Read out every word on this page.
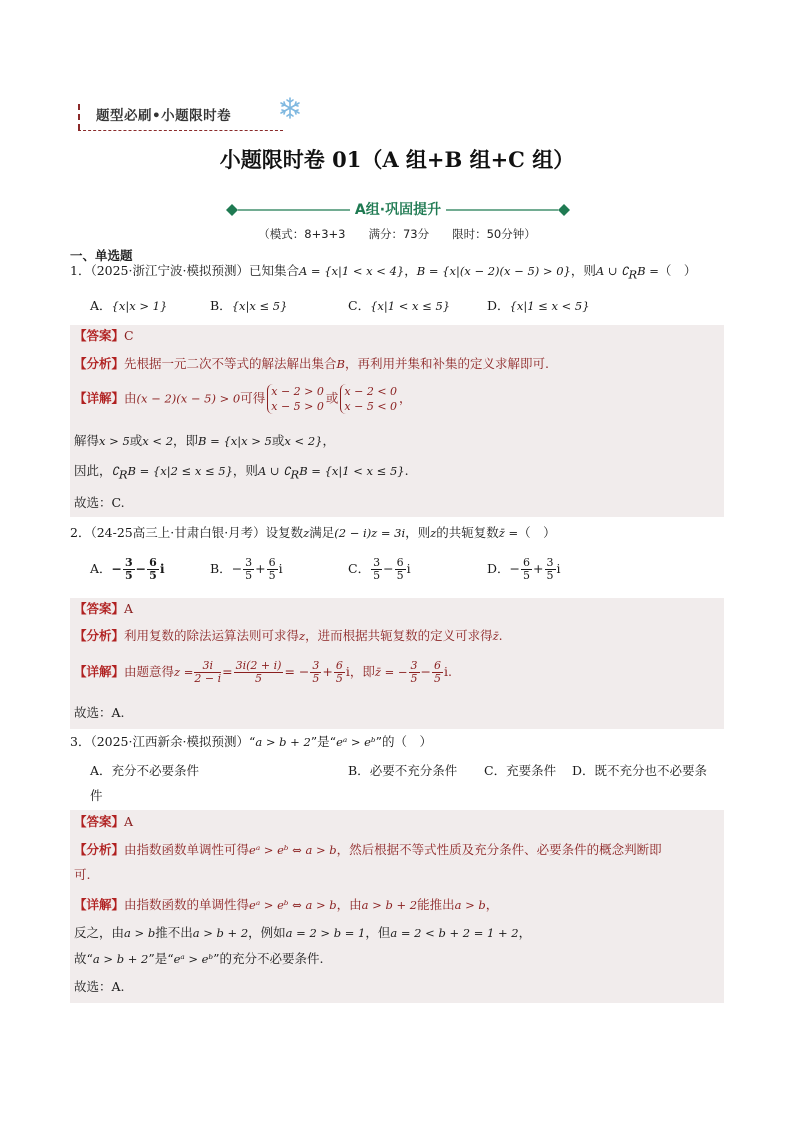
题型必刷•小题限时卷
小题限时卷 01（A 组+B 组+C 组）
A组·巩固提升
（模式：8+3+3　　满分：73分　　限时：50分钟）
一、单选题
1．（2025·浙江宁波·模拟预测）已知集合A = {x|1 < x < 4}，B = {x|(x − 2)(x − 5) > 0}，则A ∪ $∁_RB$ =（　）
A．{x|x > 1}	B．{x|x ≤ 5}	C．{x|1 < x ≤ 5}	D．{x|1 ≤ x < 5}
【答案】C
【分析】先根据一元二次不等式的解法解出集合B，再利用并集和补集的定义求解即可.
【详解】由(x − 2)(x − 5) > 0可得 x − 2 > 0
x − 5 > 0
或 x − 2 < 0
x − 5 < 0
，
解得x > 5或x < 2，即B = {x|x > 5或x < 2}，
因此，$∁_RB = \{x|2 \le x \le 5\}$，则A ∪ $∁_RB = \{x|1 < x \le 5\}$.
故选：C.
2．（24-25高三上·甘肃白银·月考）设复数z满足(2 − i)z = 3i，则z的共轭复数z̄ =（　）
A．− $\frac{3}{5} - \frac{6}{5}$ i	B．− $\frac{3}{5} + \frac{6}{5}$ i	C． $\frac{3}{5} - \frac{6}{5}$ i	D．− $\frac{6}{5} + \frac{3}{5}$ i
【答案】A
【分析】利用复数的除法运算法则可求得z，进而根据共轭复数的定义可求得z̄.
【详解】由题意得$z = \frac{3i}{2 - i} = \frac{3i(2 + i)}{5}$ = − $\frac{3}{5} + \frac{6}{5}$ i，即z̄ = − $\frac{3}{5} - \frac{6}{5} i$.
故选：A.
3．（2025·江西新余·模拟预测）“a > b + 2”是“eᵃ > eᵇ”的（　）
A．充分不必要条件	B．必要不充分条件 C．充要条件 D．既不充分也不必要条
件
【答案】A
【分析】由指数函数单调性可得eᵃ > eᵇ ⇔ a > b，然后根据不等式性质及充分条件、必要条件的概念判断即
可.
【详解】由指数函数的单调性得eᵃ > eᵇ ⇔ a > b，由a > b + 2能推出a > b，
反之，由a > b推不出a > b + 2，例如a = 2 > b = 1，但a = 2 < b + 2 = 1 + 2，
故“a > b + 2”是“eᵃ > eᵇ”的充分不必要条件.
故选：A.
